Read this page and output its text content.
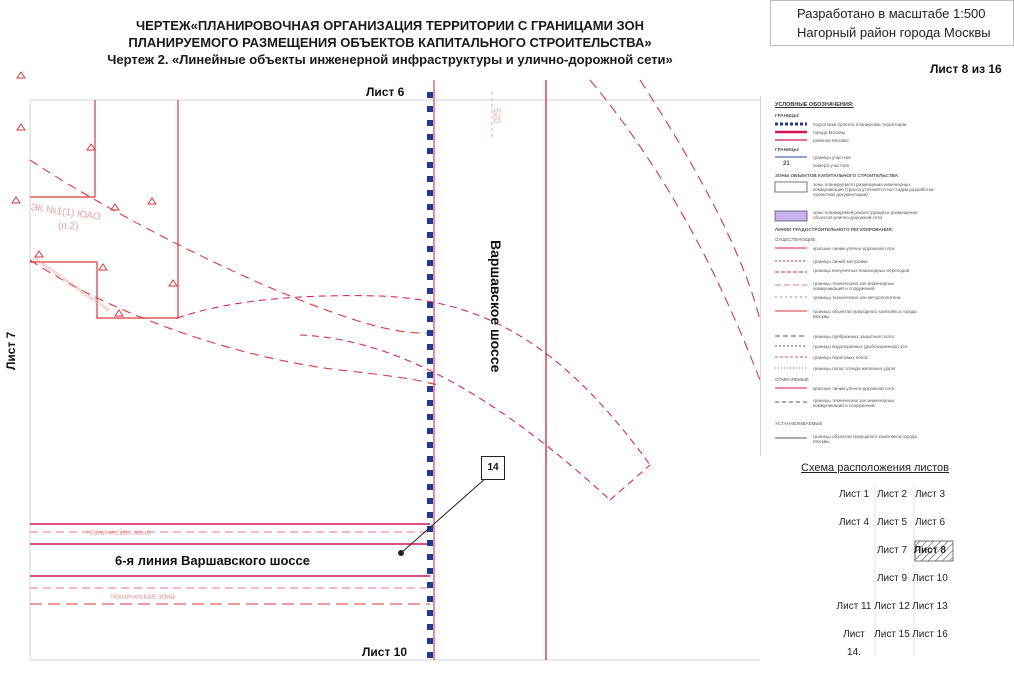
ЧЕРТЕЖ«ПЛАНИРОВОЧНАЯ ОРГАНИЗАЦИЯ ТЕРРИТОРИИ С ГРАНИЦАМИ ЗОН
ПЛАНИРУЕМОГО РАЗМЕЩЕНИЯ ОБЪЕКТОВ КАПИТАЛЬНОГО СТРОИТЕЛЬСТВА»
Чертеж 2. «Линейные объекты инженерной инфраструктуры и улично-дорожной сети»
Разработано в масштабе 1:500
Нагорный район города Москвы
Лист 8 из 16
Лист 6
Лист 10
Лист 7	Варшавское шоссе
6-я линия Варшавского шоссе
14
520
ЭК №1(1) ЮАО
(п.2)
техническая зона
техническая зона
техническая зона метрополитена
УСЛОВНЫЕ ОБОЗНАЧЕНИЯ:
ГРАНИЦЫ:
подготовки проекта планировки территории
города Москвы
районов Москвы
ГРАНИЦЫ:
границы участков
21	номера участков
ЗОНЫ ОБЪЕКТОВ КАПИТАЛЬНОГО СТРОИТЕЛЬСТВА:
зоны планируемого размещения инженерных коммуникаций (трасса уточняется на стадии разработки проектной документации)
зоны планируемой реконструкции и размещения объектов улично-дорожной сети
ЛИНИИ ГРАДОСТРОИТЕЛЬНОГО РЕГУЛИРОВАНИЯ:
СУЩЕСТВУЮЩИЕ
красные линии улично-дорожной сети
границы линий застройки
границы внеуличных пешеходных переходов
границы технических зон инженерных коммуникаций и сооружений
границы технических зон метрополитена
границы объектов природного комплекса города Москвы
границы прибрежных защитных полос
границы водоохранных (рыбоохранных) зон
границы береговых полос
границы полос отвода железных дорог
ОТМЕНЯЕМЫЕ
красные линии улично-дорожной сети
границы технических зон инженерных коммуникаций и сооружений
УСТАНАВЛИВАЕМЫЕ
границы объектов природного комплекса города Москвы
Схема расположения листов
Лист 1 Лист 2 Лист 3
Лист 4 Лист 5 Лист 6
Лист 7 Лист 8
Лист 9 Лист 10
Лист 11 Лист 12 Лист 13
Лист 14.
Лист 15 Лист 16
